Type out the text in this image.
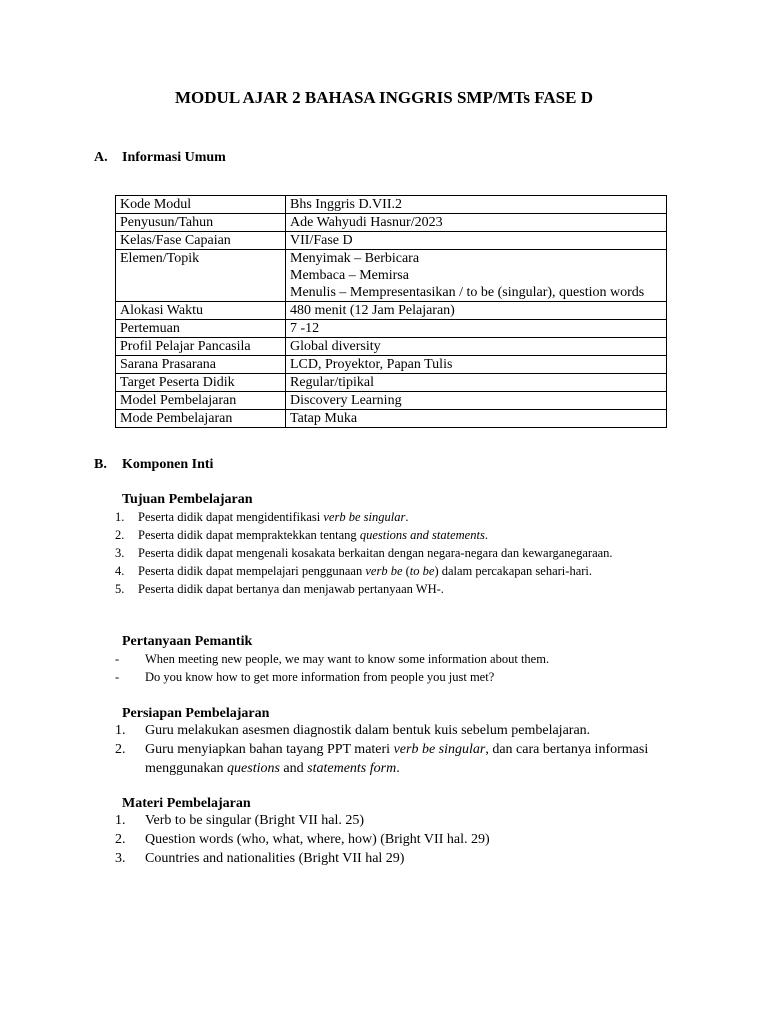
MODUL AJAR 2 BAHASA INGGRIS SMP/MTs FASE D
A. Informasi Umum
Kode Modul	Bhs Inggris D.VII.2

Penyusun/Tahun	Ade Wahyudi Hasnur/2023

Kelas/Fase Capaian	VII/Fase D

Elemen/Topik	Menyimak – Berbicara
Membaca – Memirsa
Menulis – Mempresentasikan / to be (singular), question words

Alokasi Waktu	480 menit (12 Jam Pelajaran)

Pertemuan	7 -12

Profil Pelajar Pancasila	Global diversity

Sarana Prasarana	LCD, Proyektor, Papan Tulis

Target Peserta Didik	Regular/tipikal

Model Pembelajaran	Discovery Learning

Mode Pembelajaran	Tatap Muka
B. Komponen Inti
Tujuan Pembelajaran
1. Peserta didik dapat mengidentifikasi verb be singular.
2. Peserta didik dapat mempraktekkan tentang questions and statements.
3. Peserta didik dapat mengenali kosakata berkaitan dengan negara-negara dan kewarganegaraan.
4. Peserta didik dapat mempelajari penggunaan verb be (to be) dalam percakapan sehari-hari.
5. Peserta didik dapat bertanya dan menjawab pertanyaan WH-.
Pertanyaan Pemantik
- When meeting new people, we may want to know some information about them.
- Do you know how to get more information from people you just met?
Persiapan Pembelajaran
1. Guru melakukan asesmen diagnostik dalam bentuk kuis sebelum pembelajaran.
2. Guru menyiapkan bahan tayang PPT materi verb be singular, dan cara bertanya informasi menggunakan questions and statements form.
Materi Pembelajaran
1. Verb to be singular (Bright VII hal. 25)
2. Question words (who, what, where, how) (Bright VII hal. 29)
3. Countries and nationalities (Bright VII hal 29)
